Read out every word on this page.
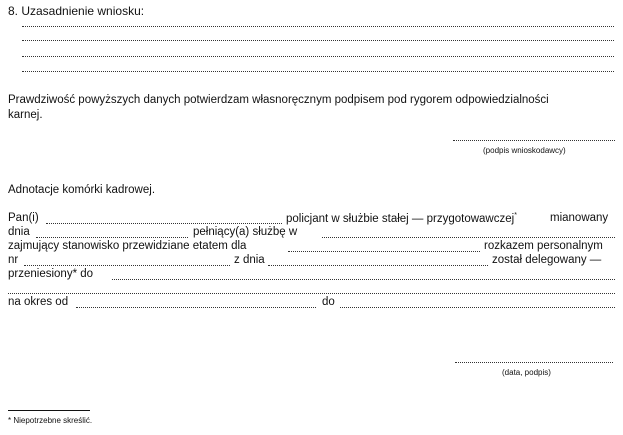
8. Uzasadnienie wniosku:
Prawdziwość powyższych danych potwierdzam własnoręcznym podpisem pod rygorem odpowiedzialności
karnej.
(podpis wnioskodawcy)
Adnotacje komórki kadrowej.
Pan(i)	policjant w służbie stałej — przygotowawczej*	mianowany
dnia	pełniący(a) służbę w
zajmujący stanowisko przewidziane etatem dla	rozkazem personalnym
nr	z dnia	został delegowany —
przeniesiony* do
na okres od	do
(data, podpis)
* Niepotrzebne skreślić.
